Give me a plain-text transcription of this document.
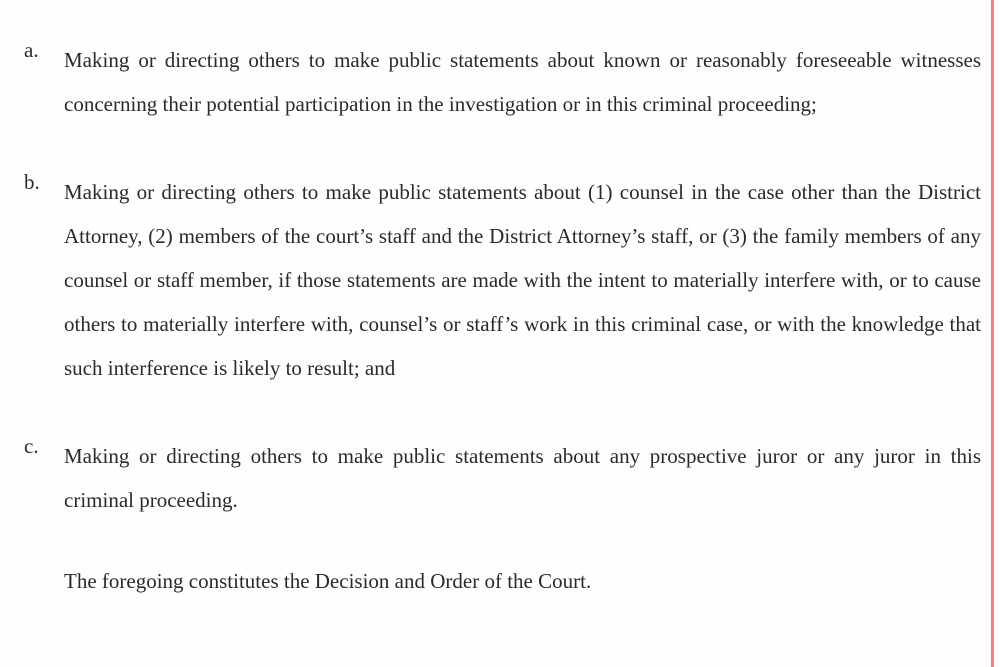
a.	Making or directing others to make public statements about known or reasonably foreseeable witnesses concerning their potential participation in the investigation or in this criminal proceeding;
b.	Making or directing others to make public statements about (1) counsel in the case other than the District Attorney, (2) members of the court’s staff and the District Attorney’s staff, or (3) the family members of any counsel or staff member, if those statements are made with the intent to materially interfere with, or to cause others to materially interfere with, counsel’s or staff’s work in this criminal case, or with the knowledge that such interference is likely to result; and
c.	Making or directing others to make public statements about any prospective juror or any juror in this criminal proceeding.

The foregoing constitutes the Decision and Order of the Court.
